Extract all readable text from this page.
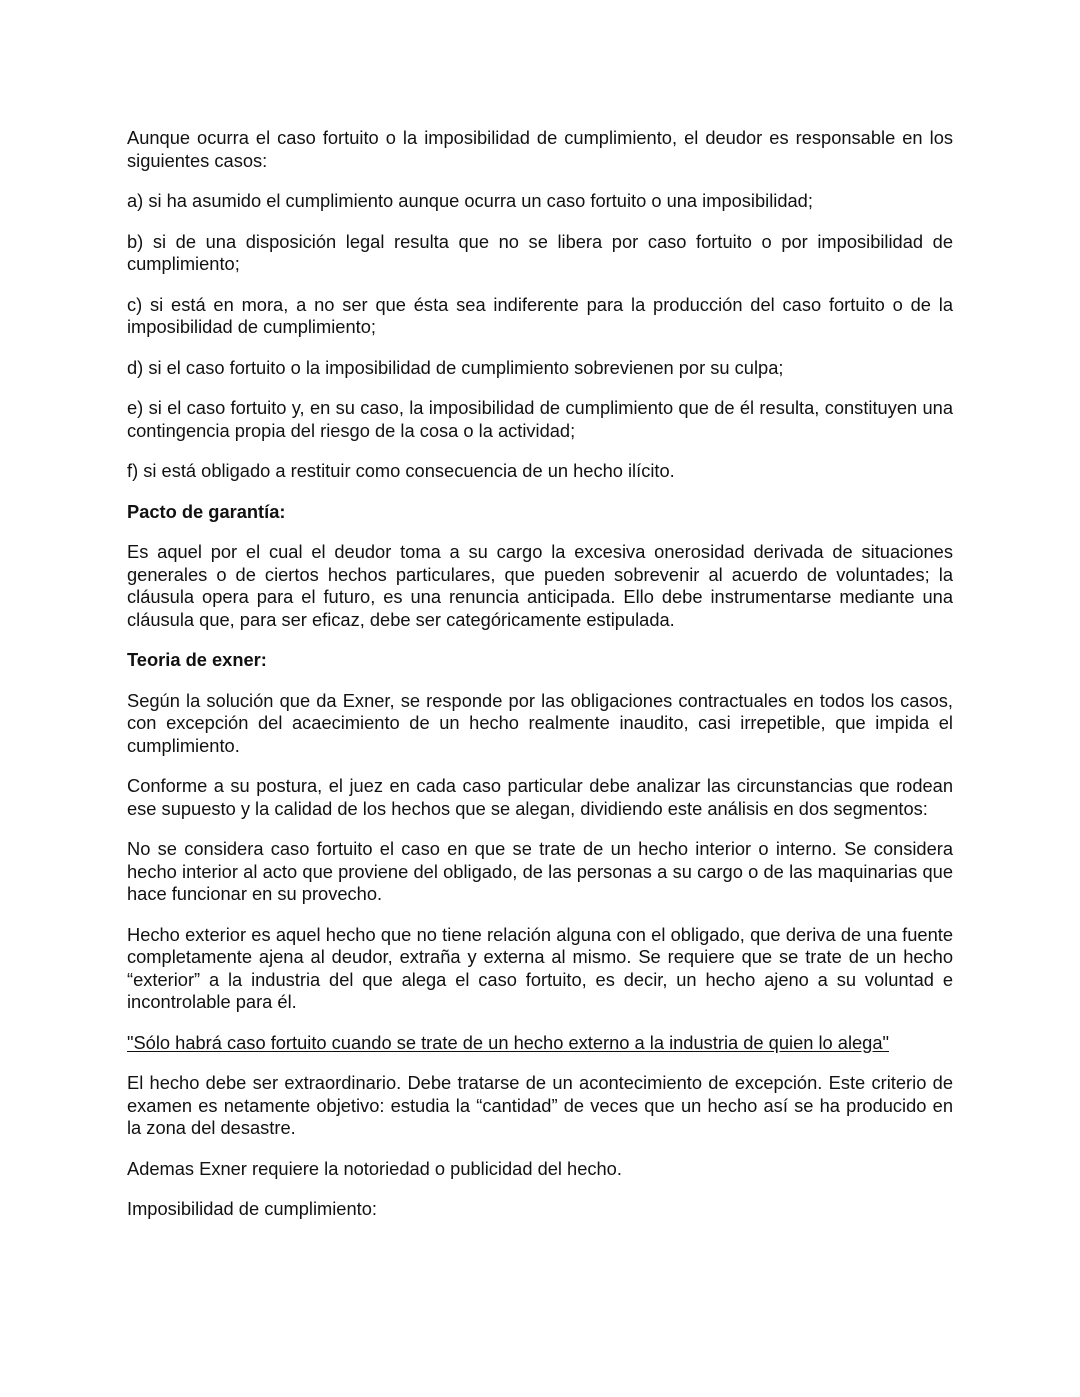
Aunque ocurra el caso fortuito o la imposibilidad de cumplimiento, el deudor es responsable en los siguientes casos:

a) si ha asumido el cumplimiento aunque ocurra un caso fortuito o una imposibilidad;

b) si de una disposición legal resulta que no se libera por caso fortuito o por imposibilidad de cumplimiento;

c) si está en mora, a no ser que ésta sea indiferente para la producción del caso fortuito o de la imposibilidad de cumplimiento;

d) si el caso fortuito o la imposibilidad de cumplimiento sobrevienen por su culpa;

e) si el caso fortuito y, en su caso, la imposibilidad de cumplimiento que de él resulta, constituyen una contingencia propia del riesgo de la cosa o la actividad;

f) si está obligado a restituir como consecuencia de un hecho ilícito.

Pacto de garantía:

Es aquel por el cual el deudor toma a su cargo la excesiva onerosidad derivada de situaciones generales o de ciertos hechos particulares, que pueden sobrevenir al acuerdo de voluntades; la cláusula opera para el futuro, es una renuncia anticipada. Ello debe instrumentarse mediante una cláusula que, para ser eficaz, debe ser categóricamente estipulada.

Teoria de exner:

Según la solución que da Exner, se responde por las obligaciones contractuales en todos los casos, con excepción del acaecimiento de un hecho realmente inaudito, casi irrepetible, que impida el cumplimiento.

Conforme a su postura, el juez en cada caso particular debe analizar las circunstancias que rodean ese supuesto y la calidad de los hechos que se alegan, dividiendo este análisis en dos segmentos:

No se considera caso fortuito el caso en que se trate de un hecho interior o interno. Se considera hecho interior al acto que proviene del obligado, de las personas a su cargo o de las maquinarias que hace funcionar en su provecho.

Hecho exterior es aquel hecho que no tiene relación alguna con el obligado, que deriva de una fuente completamente ajena al deudor, extraña y externa al mismo. Se requiere que se trate de un hecho “exterior” a la industria del que alega el caso fortuito, es decir, un hecho ajeno a su voluntad e incontrolable para él.

"Sólo habrá caso fortuito cuando se trate de un hecho externo a la industria de quien lo alega"

El hecho debe ser extraordinario. Debe tratarse de un acontecimiento de excepción. Este criterio de examen es netamente objetivo: estudia la “cantidad” de veces que un hecho así se ha producido en la zona del desastre.

Ademas Exner requiere la notoriedad o publicidad del hecho.

Imposibilidad de cumplimiento:
